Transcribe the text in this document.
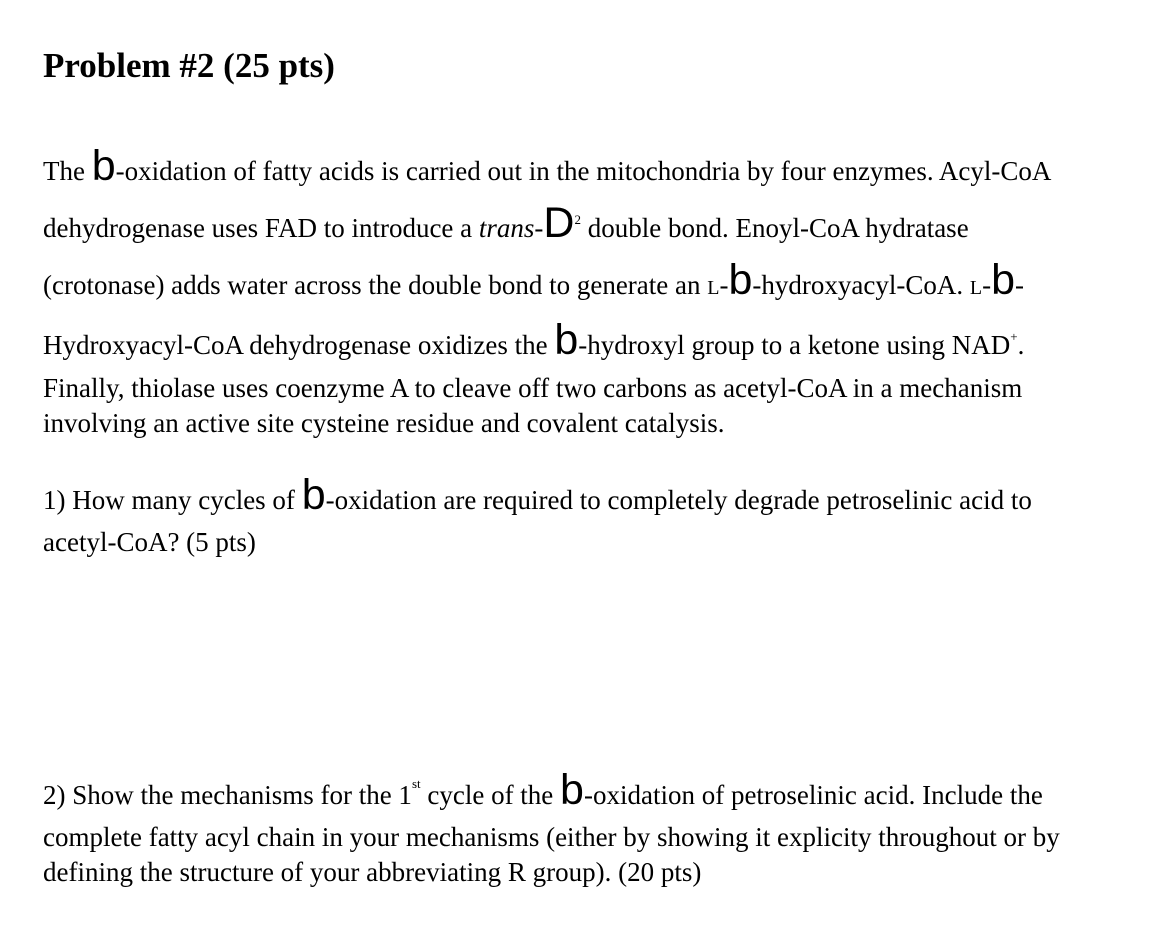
Problem #2 (25 pts)
The b-oxidation of fatty acids is carried out in the mitochondria by four enzymes. Acyl-CoA
dehydrogenase uses FAD to introduce a trans-$D^2$ double bond. Enoyl-CoA hydratase
(crotonase) adds water across the double bond to generate an L-b-hydroxyacyl-CoA. L-b-
Hydroxyacyl-CoA dehydrogenase oxidizes the b-hydroxyl group to a ketone using NAD+.
Finally, thiolase uses coenzyme A to cleave off two carbons as acetyl-CoA in a mechanism
involving an active site cysteine residue and covalent catalysis.
1) How many cycles of b-oxidation are required to completely degrade petroselinic acid to
acetyl-CoA? (5 pts)
2) Show the mechanisms for the 1st cycle of the b-oxidation of petroselinic acid. Include the
complete fatty acyl chain in your mechanisms (either by showing it explicity throughout or by
defining the structure of your abbreviating R group). (20 pts)
